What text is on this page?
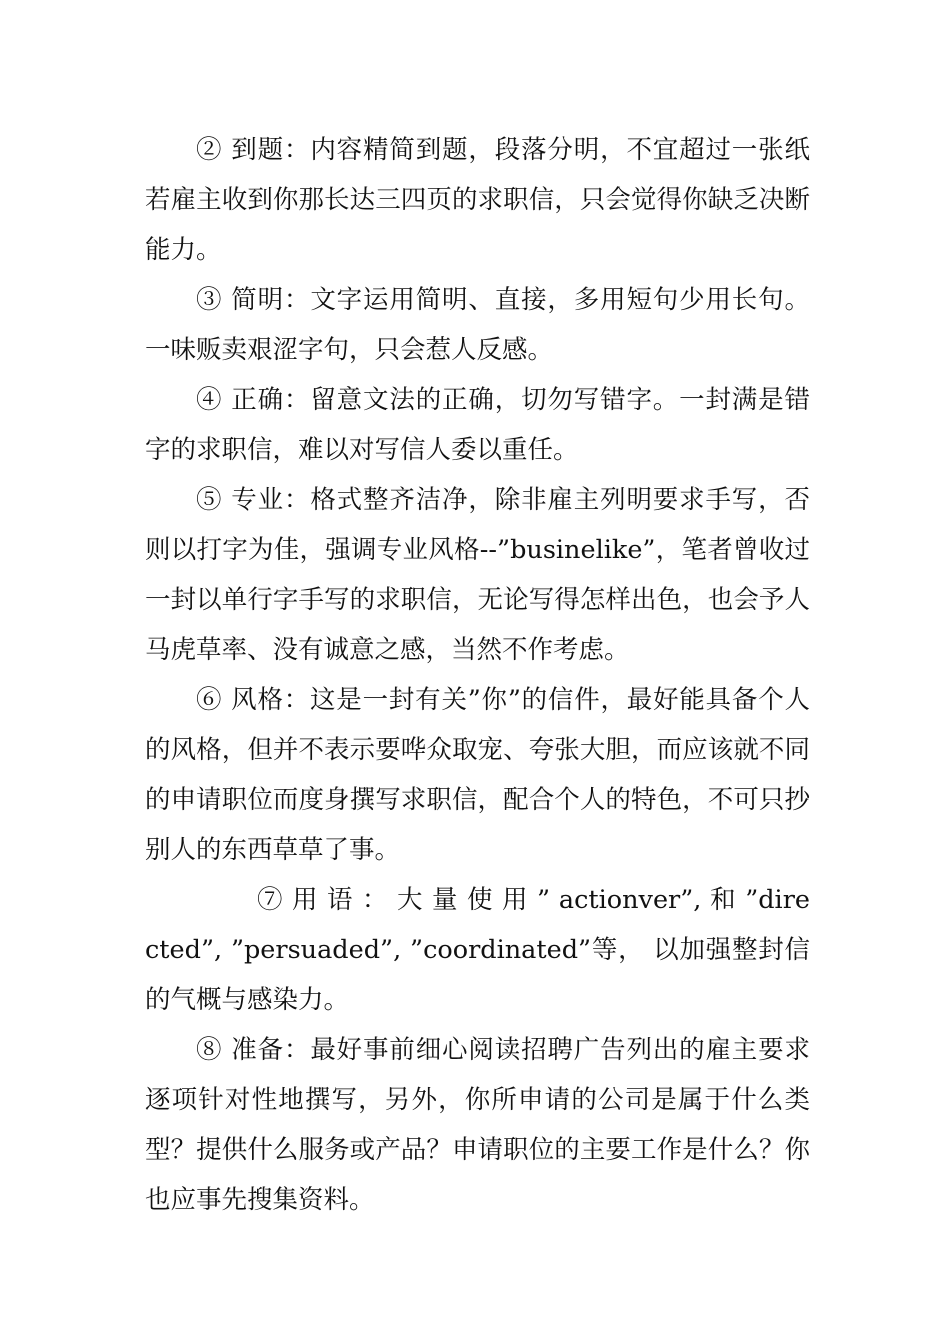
② 到题：内容精简到题，段落分明，不宜超过一张纸若雇主收到你那长达三四页的求职信，只会觉得你缺乏决断能力。

③ 简明：文字运用简明、直接，多用短句少用长句。一味贩卖艰涩字句，只会惹人反感。

④ 正确：留意文法的正确，切勿写错字。一封满是错字的求职信，难以对写信人委以重任。

⑤ 专业：格式整齐洁净，除非雇主列明要求手写，否则以打字为佳，强调专业风格--”busineli​ke”，笔者曾收过一封以单行字手写的求职信，无论写得怎样出色，也会予人马虎草率、没有诚意之感，当然不作考虑。

⑥ 风格：这是一封有关”你”的信件，最好能具备个人的风格，但并不表示要哗众取宠、夸张大胆，而应该就不同的申请职位而度身撰写求职信，配合个人的特色，不可只抄别人的东西草草了事。

⑦ 用 语 ： 大 量 使 用 ” actionver”, 和 ”directed”, ”persuaded”, ”coordinated”等， 以加强整封信的气概与感染力。

⑧ 准备：最好事前细心阅读招聘广告列出的雇主要求逐项针对性地撰写，另外，你所申请的公司是属于什么类型？提供什么服务或产品？申请职位的主要工作是什么？你也应事先搜集资料。
